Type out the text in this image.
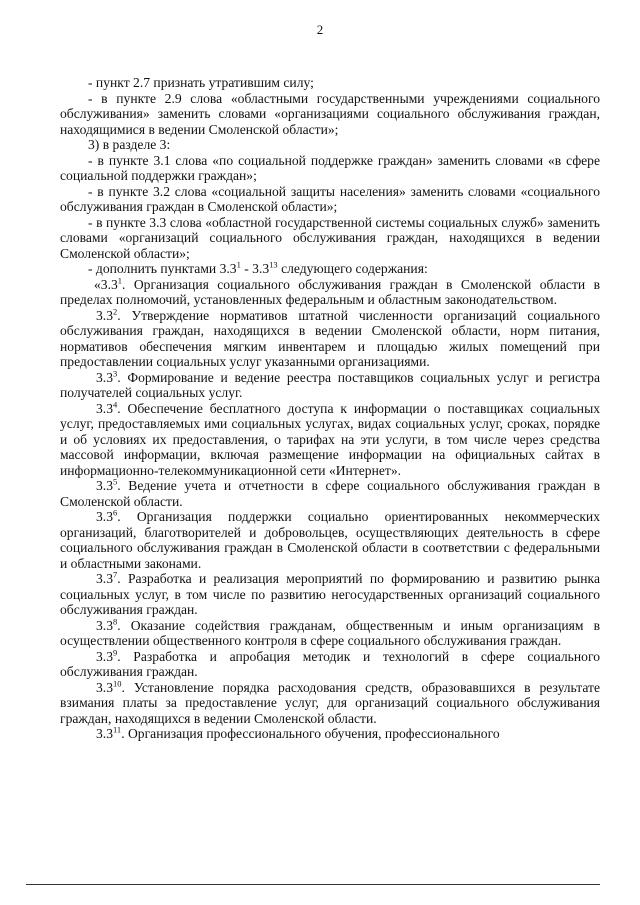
2

- пункт 2.7 признать утратившим силу;

- в пункте 2.9 слова «областными государственными учреждениями социального обслуживания» заменить словами «организациями социального обслуживания граждан, находящимися в ведении Смоленской области»;

3) в разделе 3:

- в пункте 3.1 слова «по социальной поддержке граждан» заменить словами «в сфере социальной поддержки граждан»;

- в пункте 3.2 слова «социальной защиты населения» заменить словами «социального обслуживания граждан в Смоленской области»;

- в пункте 3.3 слова «областной государственной системы социальных служб» заменить словами «организаций социального обслуживания граждан, находящихся в ведении Смоленской области»;

- дополнить пунктами $3.3^1 - 3.3^{13}$ следующего содержания:

«$3.3^1$. Организация социального обслуживания граждан в Смоленской области в пределах полномочий, установленных федеральным и областным законодательством.

$3.3^2$. Утверждение нормативов штатной численности организаций социального обслуживания граждан, находящихся в ведении Смоленской области, норм питания, нормативов обеспечения мягким инвентарем и площадью жилых помещений при предоставлении социальных услуг указанными организациями.

$3.3^3$. Формирование и ведение реестра поставщиков социальных услуг и регистра получателей социальных услуг.

$3.3^4$. Обеспечение бесплатного доступа к информации о поставщиках социальных услуг, предоставляемых ими социальных услугах, видах социальных услуг, сроках, порядке и об условиях их предоставления, о тарифах на эти услуги, в том числе через средства массовой информации, включая размещение информации на официальных сайтах в информационно-телекоммуникационной сети «Интернет».

$3.3^5$. Ведение учета и отчетности в сфере социального обслуживания граждан в Смоленской области.

$3.3^6$. Организация поддержки социально ориентированных некоммерческих организаций, благотворителей и добровольцев, осуществляющих деятельность в сфере социального обслуживания граждан в Смоленской области в соответствии с федеральными и областными законами.

$3.3^7$. Разработка и реализация мероприятий по формированию и развитию рынка социальных услуг, в том числе по развитию негосударственных организаций социального обслуживания граждан.

$3.3^8$. Оказание содействия гражданам, общественным и иным организациям в осуществлении общественного контроля в сфере социального обслуживания граждан.

$3.3^9$. Разработка и апробация методик и технологий в сфере социального обслуживания граждан.

$3.3^{10}$. Установление порядка расходования средств, образовавшихся в результате взимания платы за предоставление услуг, для организаций социального обслуживания граждан, находящихся в ведении Смоленской области.

$3.3^{11}$. Организация профессионального обучения, профессионального
